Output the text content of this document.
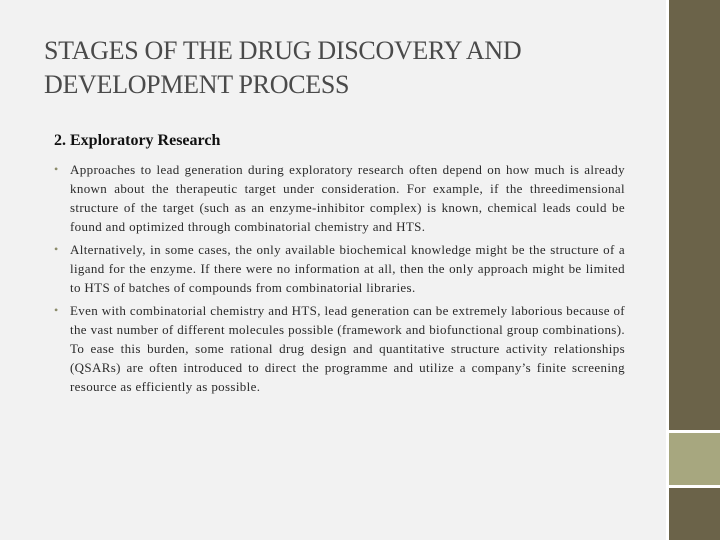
STAGES OF THE DRUG DISCOVERY AND DEVELOPMENT PROCESS
2. Exploratory Research
• Approaches to lead generation during exploratory research often depend on how much is already known about the therapeutic target under consideration. For example, if the threedimensional structure of the target (such as an enzyme-inhibitor complex) is known, chemical leads could be found and optimized through combinatorial chemistry and HTS.
• Alternatively, in some cases, the only available biochemical knowledge might be the structure of a ligand for the enzyme. If there were no information at all, then the only approach might be limited to HTS of batches of compounds from combinatorial libraries.
• Even with combinatorial chemistry and HTS, lead generation can be extremely laborious because of the vast number of different molecules possible (framework and biofunctional group combinations). To ease this burden, some rational drug design and quantitative structure activity relationships (QSARs) are often introduced to direct the programme and utilize a company’s finite screening resource as efficiently as possible.
